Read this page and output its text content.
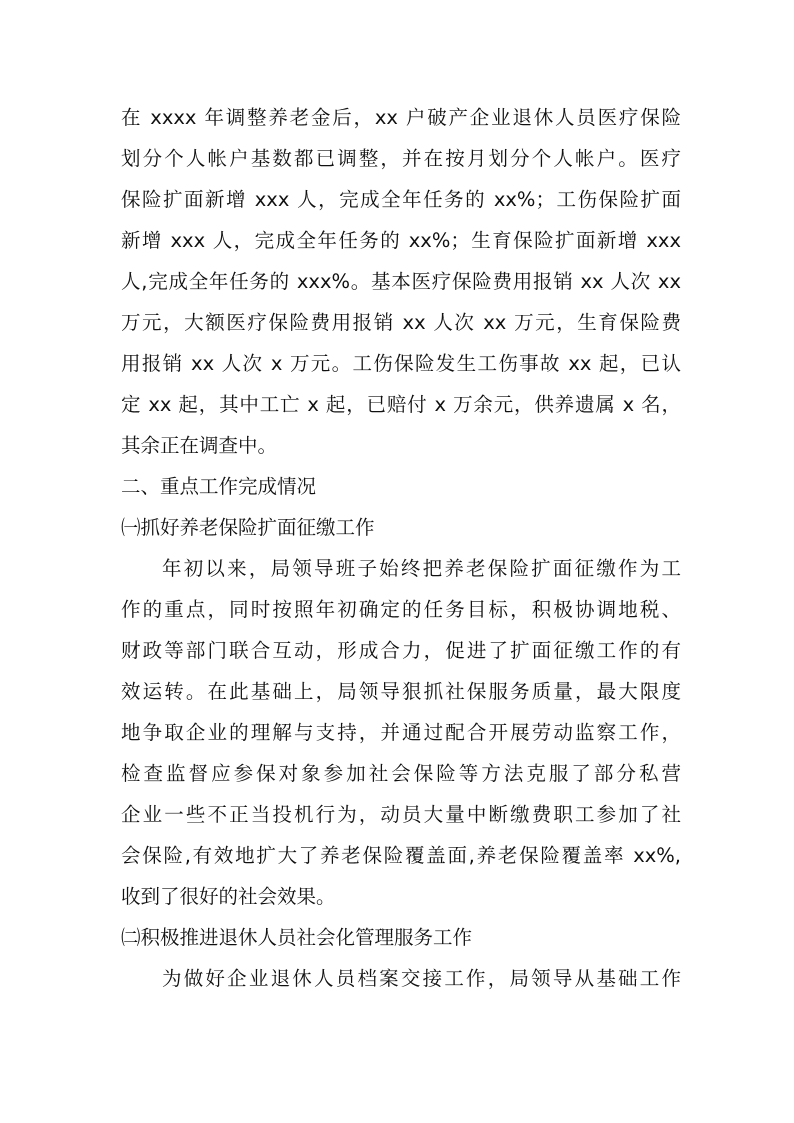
在 xxxx 年调整养老金后，xx 户破产企业退休人员医疗保险
划分个人帐户基数都已调整，并在按月划分个人帐户。医疗
保险扩面新增 xxx 人，完成全年任务的 xx%；工伤保险扩面
新增 xxx 人，完成全年任务的 xx%；生育保险扩面新增 xxx
人,完成全年任务的 xxx%。基本医疗保险费用报销 xx 人次 xx
万元，大额医疗保险费用报销 xx 人次 xx 万元，生育保险费
用报销 xx 人次 x 万元。工伤保险发生工伤事故 xx 起，已认
定 xx 起，其中工亡 x 起，已赔付 x 万余元，供养遗属 x 名，
其余正在调查中。
二、重点工作完成情况
㈠抓好养老保险扩面征缴工作
年初以来，局领导班子始终把养老保险扩面征缴作为工
作的重点，同时按照年初确定的任务目标，积极协调地税、
财政等部门联合互动，形成合力，促进了扩面征缴工作的有
效运转。在此基础上，局领导狠抓社保服务质量，最大限度
地争取企业的理解与支持，并通过配合开展劳动监察工作，
检查监督应参保对象参加社会保险等方法克服了部分私营
企业一些不正当投机行为，动员大量中断缴费职工参加了社
会保险,有效地扩大了养老保险覆盖面,养老保险覆盖率 xx%,
收到了很好的社会效果。
㈡积极推进退休人员社会化管理服务工作
为做好企业退休人员档案交接工作，局领导从基础工作
